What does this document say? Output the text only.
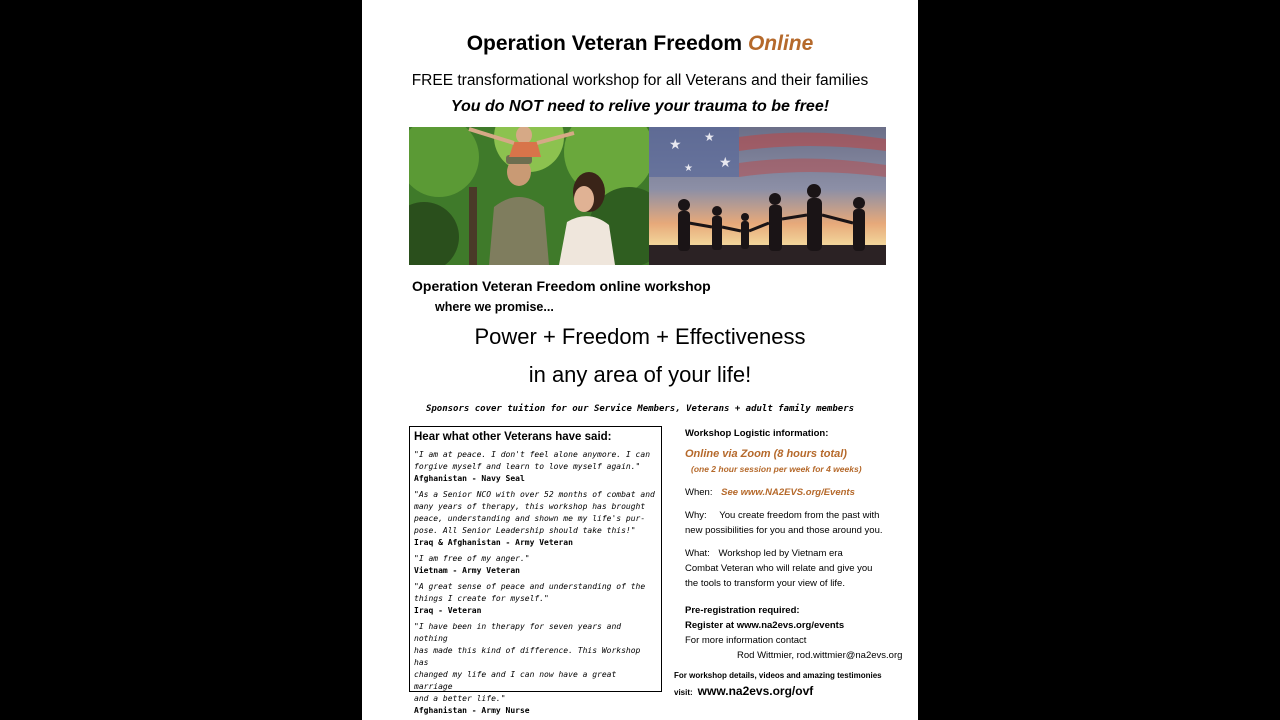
Operation Veteran Freedom Online
FREE transformational workshop for all Veterans and their families
You do NOT need to relive your trauma to be free!
★ ★
★
★
Operation Veteran Freedom online workshop
where we promise...
Power + Freedom + Effectiveness
in any area of your life!
Sponsors cover tuition for our Service Members, Veterans + adult family members
Hear what other Veterans have said:

"I am at peace. I don't feel alone anymore. I can

forgive myself and learn to love myself again."

Afghanistan - Navy Seal

"As a Senior NCO with over 52 months of combat and

many years of therapy, this workshop has brought

peace, understanding and shown me my life's pur-

pose. All Senior Leadership should take this!"

Iraq & Afghanistan - Army Veteran

"I am free of my anger."

Vietnam - Army Veteran

"A great sense of peace and understanding of the

things I create for myself."

Iraq - Veteran

"I have been in therapy for seven years and nothing

has made this kind of difference. This Workshop has

changed my life and I can now have a great marriage

and a better life."

Afghanistan - Army Nurse

Workshop Logistic information:
Online via Zoom (8 hours total)
(one 2 hour session per week for 4 weeks)
When: See www.NA2EVS.org/Events
Why: You create freedom from the past with
new possibilities for you and those around you.
What: Workshop led by Vietnam era
Combat Veteran who will relate and give you
the tools to transform your view of life.
Pre-registration required:
Register at www.na2evs.org/events
For more information contact
Rod Wittmier, rod.wittmier@na2evs.org
For workshop details, videos and amazing testimonies
visit: www.na2evs.org/ovf
